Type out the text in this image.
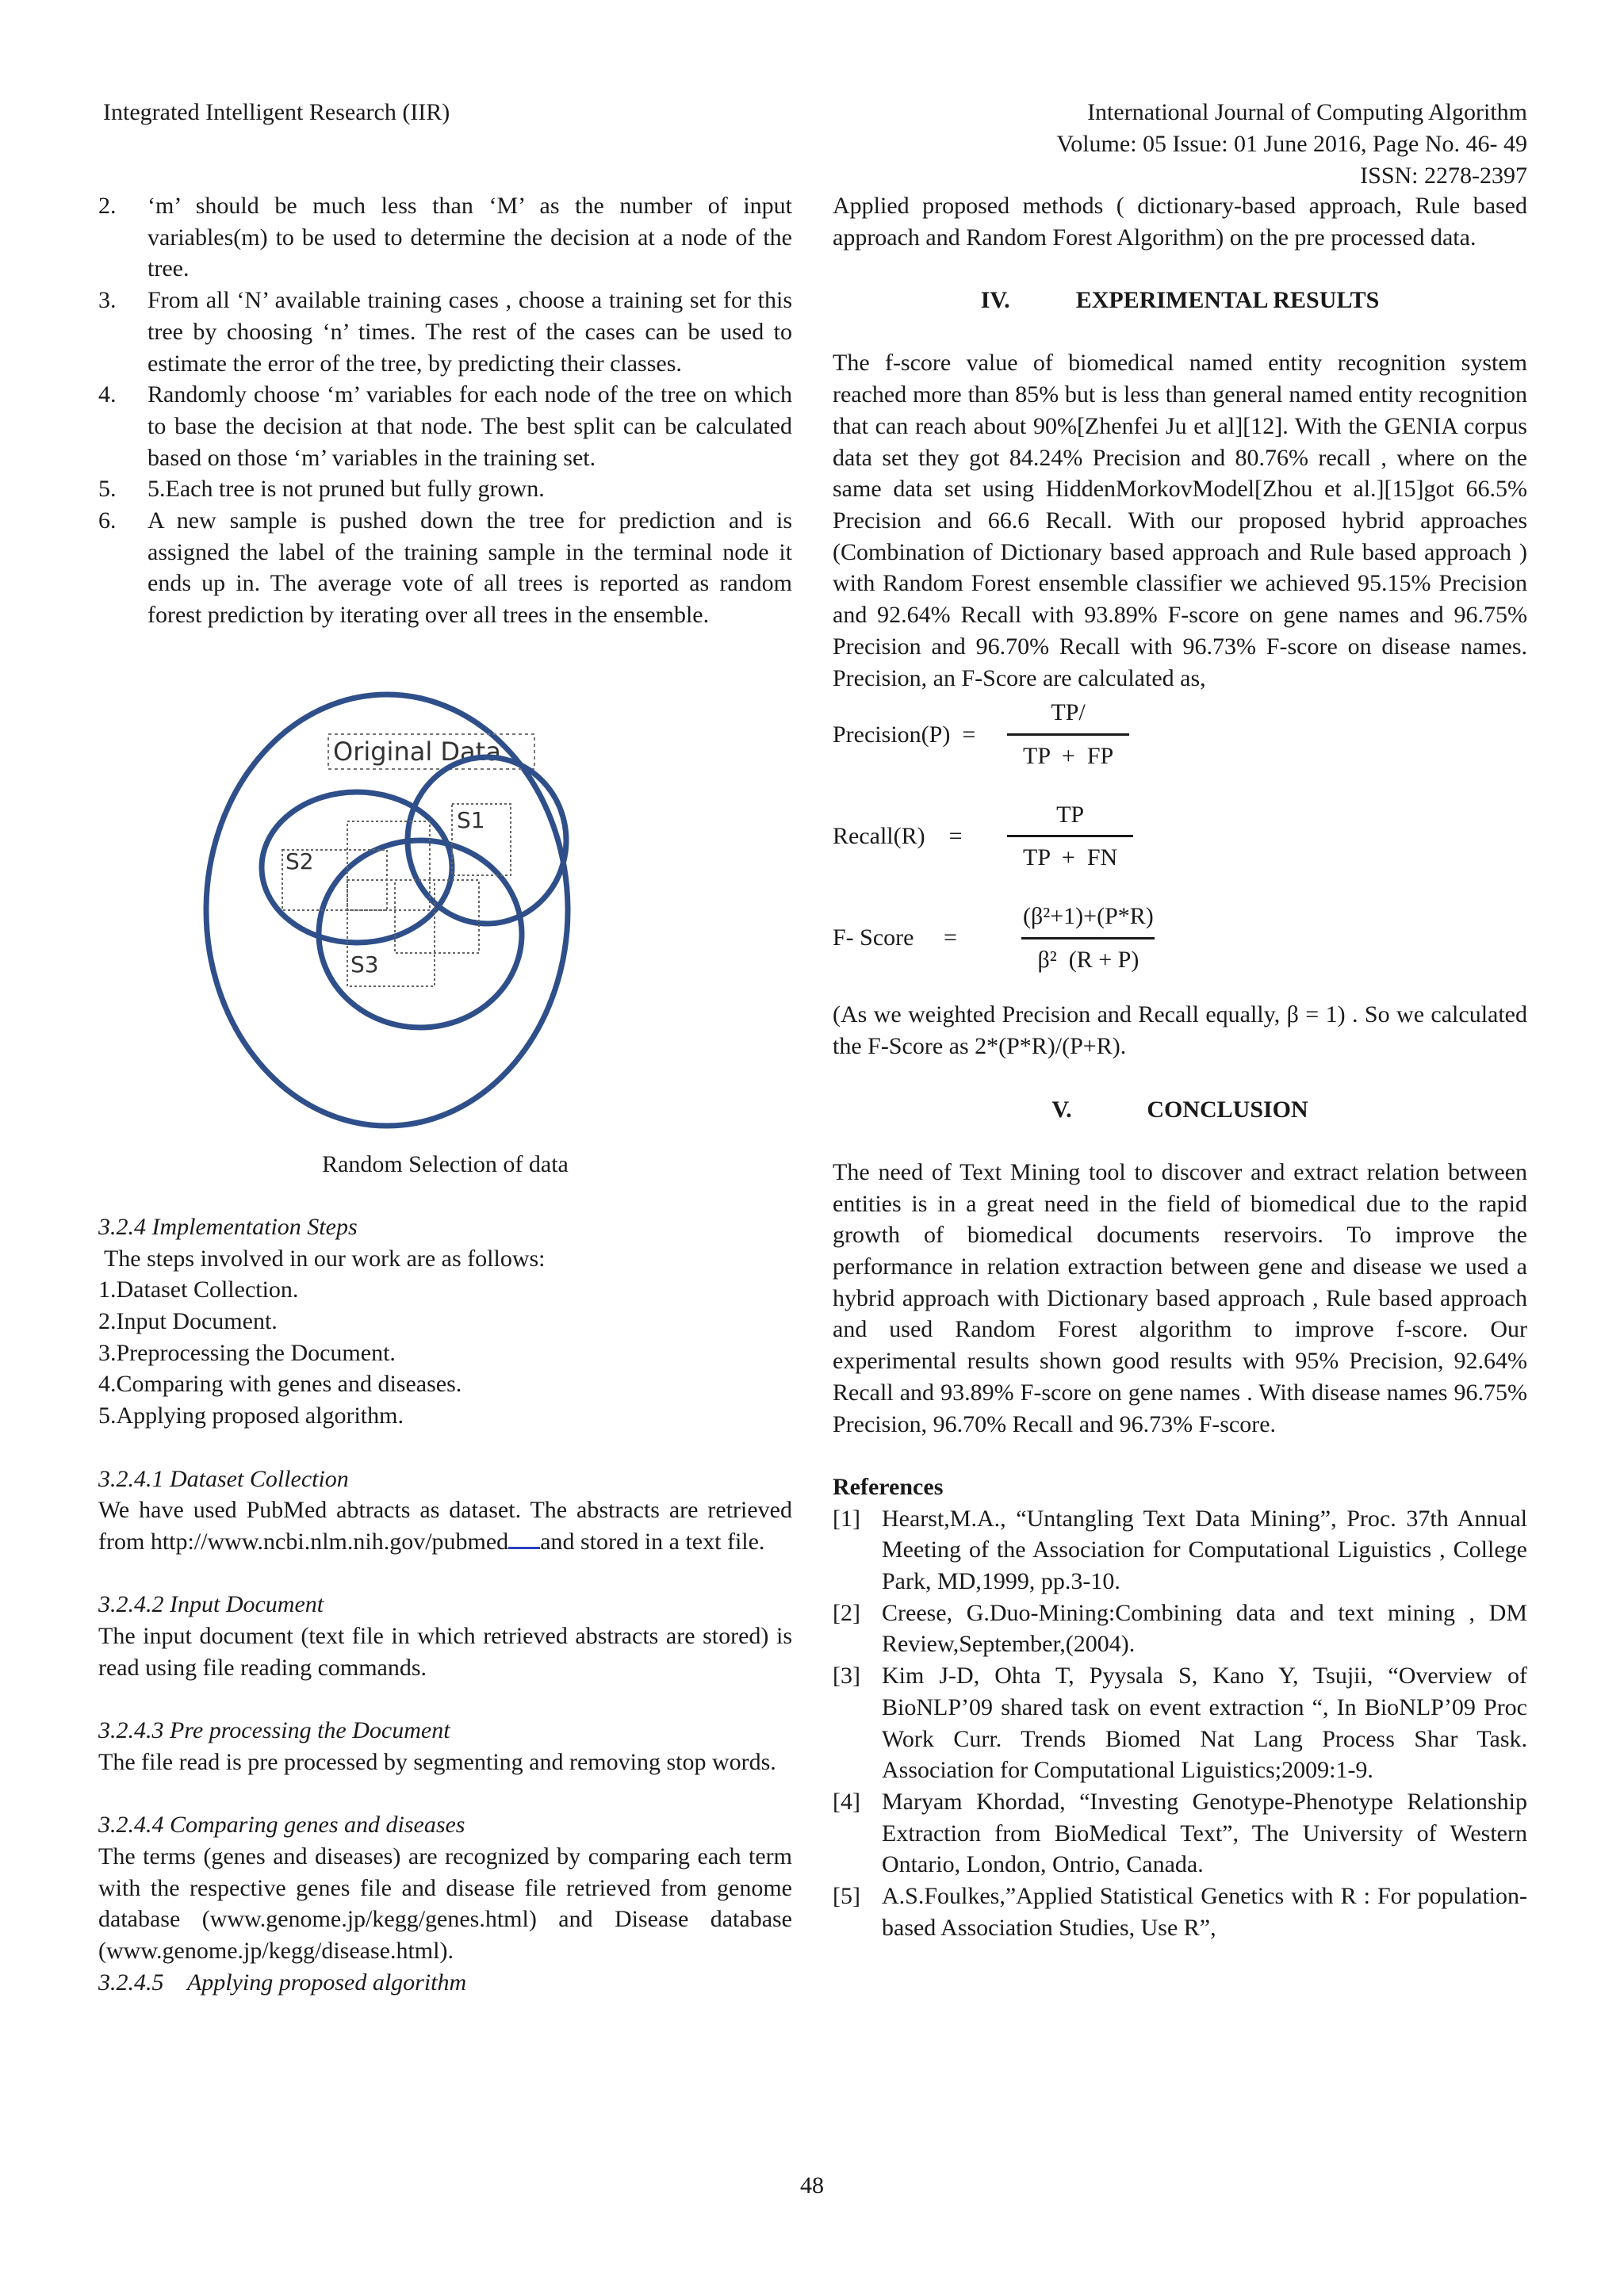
Integrated Intelligent Research (IIR)	International Journal of Computing Algorithm
Volume: 05 Issue: 01 June 2016, Page No. 46- 49
ISSN: 2278-2397
2.	‘m’ should be much less than ‘M’ as the number of input variables(m) to be used to determine the decision at a node of the tree.
3.	From all ‘N’ available training cases , choose a training set for this tree by choosing ‘n’ times. The rest of the cases can be used to estimate the error of the tree, by predicting their classes.
4.	Randomly choose ‘m’ variables for each node of the tree on which to base the decision at that node. The best split can be calculated based on those ‘m’ variables in the training set.
5.	5.Each tree is not pruned but fully grown.
6.	A new sample is pushed down the tree for prediction and is assigned the label of the training sample in the terminal node it ends up in. The average vote of all trees is reported as random forest prediction by iterating over all trees in the ensemble.
Original Data
S1
S2
S3
Random Selection of data
3.2.4 Implementation Steps
The steps involved in our work are as follows:
1.Dataset Collection.
2.Input Document.
3.Preprocessing the Document.
4.Comparing with genes and diseases.
5.Applying proposed algorithm.
3.2.4.1 Dataset Collection
We have used PubMed abtracts as dataset. The abstracts are retrieved from http://www.ncbi.nlm.nih.gov/pubmed and stored in a text file.
3.2.4.2 Input Document
The input document (text file in which retrieved abstracts are stored) is read using file reading commands.
3.2.4.3 Pre processing the Document
The file read is pre processed by segmenting and removing stop words.
3.2.4.4 Comparing genes and diseases
The terms (genes and diseases) are recognized by comparing each term with the respective genes file and disease file retrieved from genome database (www.genome.jp/kegg/genes.html) and Disease database (www.genome.jp/kegg/disease.html).
3.2.4.5    Applying proposed algorithm
Applied proposed methods ( dictionary-based approach, Rule based approach and Random Forest Algorithm) on the pre processed data.
IV.	EXPERIMENTAL RESULTS
The f-score value of biomedical named entity recognition system reached more than 85% but is less than general named entity recognition that can reach about 90%[Zhenfei Ju et al][12]. With the GENIA corpus data set they got 84.24% Precision and 80.76% recall , where on the same data set using HiddenMorkovModel[Zhou et al.][15]got 66.5% Precision and 66.6 Recall. With our proposed hybrid approaches (Combination of Dictionary based approach and Rule based approach ) with Random Forest ensemble classifier we achieved 95.15% Precision and 92.64% Recall with 93.89% F-score on gene names and 96.75% Precision and 96.70% Recall with 96.73% F-score on disease names. Precision, an F-Score are calculated as,
Precision(P)  =	$\frac{TP/}{TP + FP}$
Recall(R)    =	$\frac{TP}{TP + FN}$
F- Score     =	$\frac{\text{(β²+1)+(P*R)}}{\text{β²  (R + P)}}$
(As we weighted Precision and Recall equally, β = 1) . So we calculated the F-Score as 2*(P*R)/(P+R).
V.	CONCLUSION
The need of Text Mining tool to discover and extract relation between entities is in a great need in the field of biomedical due to the rapid growth of biomedical documents reservoirs. To improve the performance in relation extraction between gene and disease we used a hybrid approach with Dictionary based approach , Rule based approach and used Random Forest algorithm to improve f-score. Our experimental results shown good results with 95% Precision, 92.64% Recall and 93.89% F-score on gene names . With disease names 96.75% Precision, 96.70% Recall and 96.73% F-score.
References
[1] Hearst,M.A., “Untangling Text Data Mining”, Proc. 37th Annual Meeting of the Association for Computational Liguistics , College Park, MD,1999, pp.3-10.
[2] Creese, G.Duo-Mining:Combining data and text mining , DM Review,September,(2004).
[3] Kim J-D, Ohta T, Pyysala S, Kano Y, Tsujii, “Overview of BioNLP’09 shared task on event extraction “, In BioNLP’09 Proc Work Curr. Trends Biomed Nat Lang Process Shar Task. Association for Computational Liguistics;2009:1-9.
[4] Maryam Khordad, “Investing Genotype-Phenotype Relationship Extraction from BioMedical Text”, The University of Western Ontario, London, Ontrio, Canada.
[5] A.S.Foulkes,”Applied Statistical Genetics with R : For population-based Association Studies, Use R”,
48
